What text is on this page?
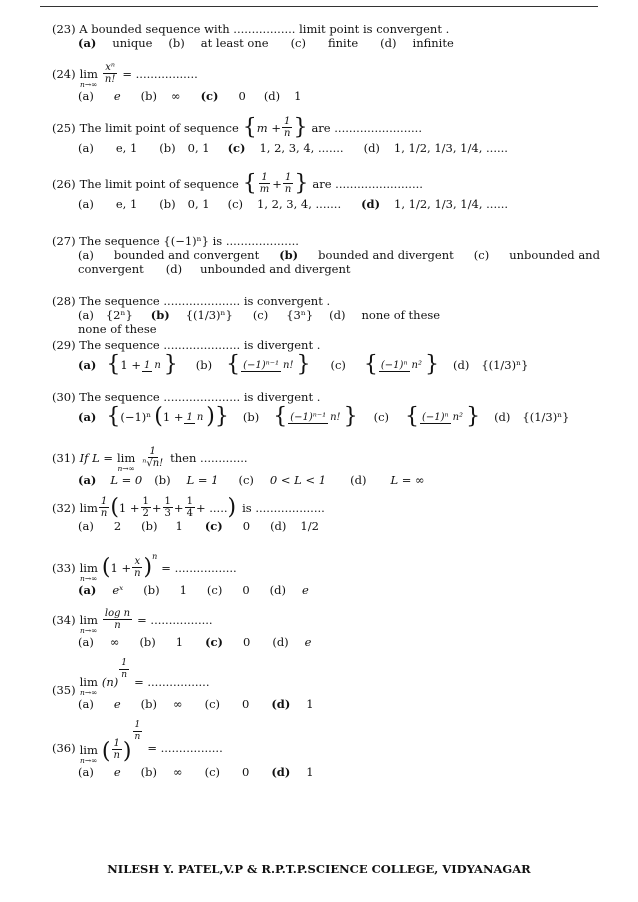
(23) A bounded sequence with ................. limit point is convergent .
(a) unique (b) at least one (c) finite (d) infinite
(24) lim
$n\to\infty \frac{\text{xⁿ}}{n!}$ = .................
(a) e (b) ∞ (c) 0 (d) 1
(25) The limit point of sequence { $m + \frac{1}{n}$ } are ........................
(a) e, 1 (b) 0, 1 (c) 1, 2, 3, 4, ....... (d) 1, 1/2, 1/3, 1/4, ......
(26) The limit point of sequence { $\frac{1}{m} + \frac{1}{n}$ } are ........................
(a) e, 1 (b) 0, 1 (c) 1, 2, 3, 4, ....... (d) 1, 1/2, 1/3, 1/4, ......
(27) The sequence {(−1)ⁿ} is ....................
(a) bounded and convergent (b) bounded and divergent (c) unbounded and
convergent (d) unbounded and divergent
(28) The sequence ..................... is convergent .
(a) {2ⁿ} (b) {(1/3)ⁿ} (c) {3ⁿ} (d) none of these
none of these
(29) The sequence ..................... is divergent .
(a) { 1 + 1 n } (b) { (−1)ⁿ⁻¹ n! } (c) { (−1)ⁿ n² } (d) {(1/3)ⁿ}
(30) The sequence ..................... is divergent .
(a) { (−1)ⁿ ( 1 + 1 n ) } (b) { (−1)ⁿ⁻¹ n! } (c) { (−1)ⁿ n² } (d) {(1/3)ⁿ}
(31) If L = lim
$n\to\infty \frac{1}{\text{ⁿ√n!}}$ then .............
(a) L = 0 (b) L = 1 (c) 0 < L < 1 (d) L = ∞
(32) $\lim \frac{1}{n}$ ( $1 + \frac{1}{2} + \frac{1}{3} + \frac{1}{4}$ + ..... ) is ...................
(a) 2 (b) 1 (c) 0 (d) 1/2
(33) lim
n→∞ ( $1 + \frac{x}{n}$ ) n
= .................
(a) eˣ (b) 1 (c) 0 (d) e
(34) lim
$n\to\infty \frac{\text{log n}}{n}$ = .................
(a) ∞ (b) 1 (c) 0 (d) e
(35)
lim
n→∞
(n)
$\frac{1}{n}$
= .................
(a) e (b) ∞ (c) 0 (d) 1
(36) lim
n→∞ ( $\frac{1}{n}$ )
$\frac{1}{n}$
= .................
(a) e (b) ∞ (c) 0 (d) 1
NILESH Y. PATEL,V.P & R.P.T.P.SCIENCE COLLEGE, VIDYANAGAR
